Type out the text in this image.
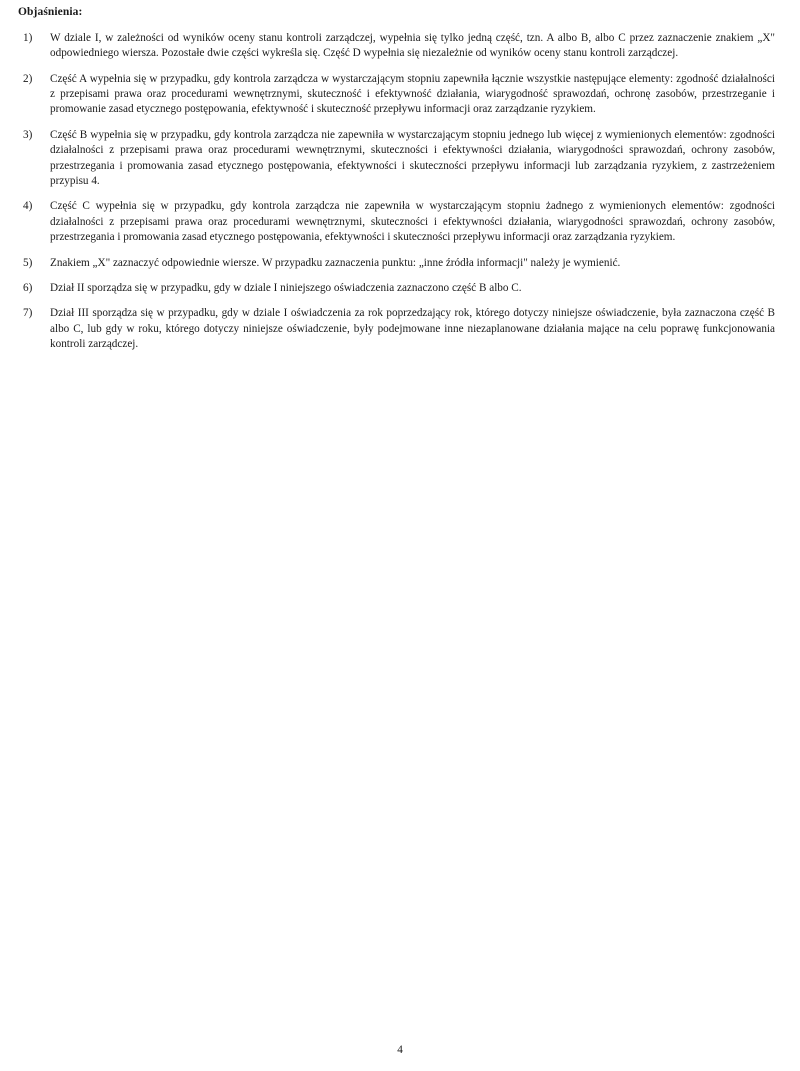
Objaśnienia:
1)	W dziale I, w zależności od wyników oceny stanu kontroli zarządczej, wypełnia się tylko jedną część, tzn. A albo B, albo C przez zaznaczenie znakiem „X" odpowiedniego wiersza. Pozostałe dwie części wykreśla się. Część D wypełnia się niezależnie od wyników oceny stanu kontroli zarządczej.
2)	Część A wypełnia się w przypadku, gdy kontrola zarządcza w wystarczającym stopniu zapewniła łącznie wszystkie następujące elementy: zgodność działalności z przepisami prawa oraz procedurami wewnętrznymi, skuteczność i efektywność działania, wiarygodność sprawozdań, ochronę zasobów, przestrzeganie i promowanie zasad etycznego postępowania, efektywność i skuteczność przepływu informacji oraz zarządzanie ryzykiem.
3)	Część B wypełnia się w przypadku, gdy kontrola zarządcza nie zapewniła w wystarczającym stopniu jednego lub więcej z wymienionych elementów: zgodności działalności z przepisami prawa oraz procedurami wewnętrznymi, skuteczności i efektywności działania, wiarygodności sprawozdań, ochrony zasobów, przestrzegania i promowania zasad etycznego postępowania, efektywności i skuteczności przepływu informacji lub zarządzania ryzykiem, z zastrzeżeniem przypisu 4.
4)	Część C wypełnia się w przypadku, gdy kontrola zarządcza nie zapewniła w wystarczającym stopniu żadnego z wymienionych elementów: zgodności działalności z przepisami prawa oraz procedurami wewnętrznymi, skuteczności i efektywności działania, wiarygodności sprawozdań, ochrony zasobów, przestrzegania i promowania zasad etycznego postępowania, efektywności i skuteczności przepływu informacji oraz zarządzania ryzykiem.
5)	Znakiem „X" zaznaczyć odpowiednie wiersze. W przypadku zaznaczenia punktu: „inne źródła informacji" należy je wymienić.
6)	Dział II sporządza się w przypadku, gdy w dziale I niniejszego oświadczenia zaznaczono część B albo C.
7)	Dział III sporządza się w przypadku, gdy w dziale I oświadczenia za rok poprzedzający rok, którego dotyczy niniejsze oświadczenie, była zaznaczona część B albo C, lub gdy w roku, którego dotyczy niniejsze oświadczenie, były podejmowane inne niezaplanowane działania mające na celu poprawę funkcjonowania kontroli zarządczej.
4
